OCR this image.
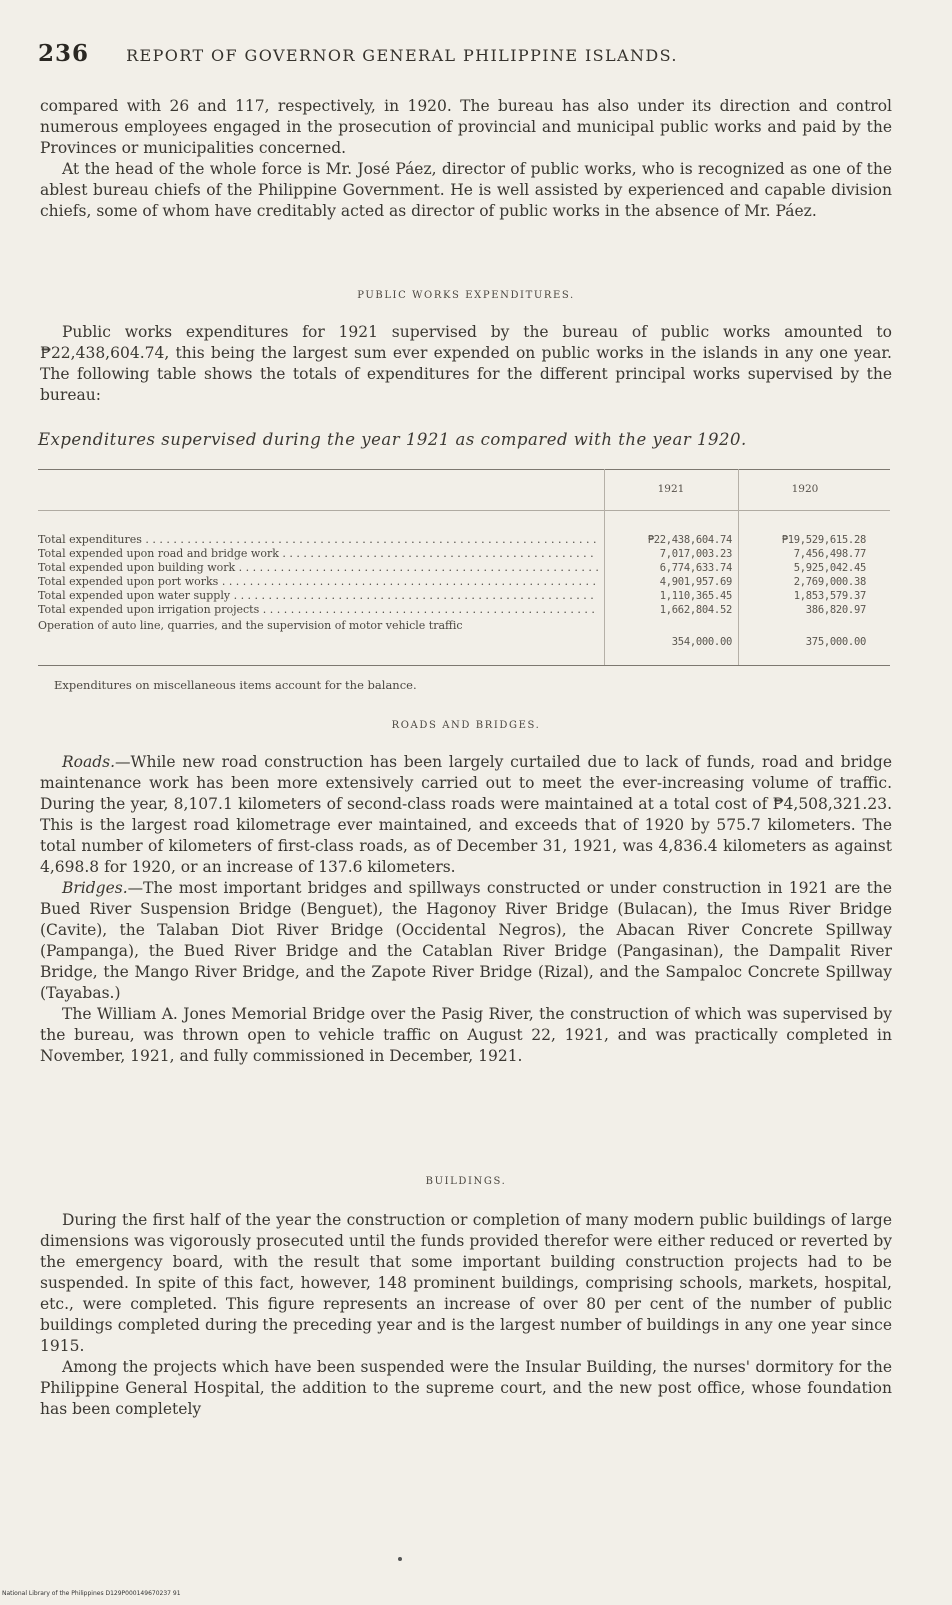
236 REPORT OF GOVERNOR GENERAL PHILIPPINE ISLANDS.

compared with 26 and 117, respectively, in 1920. The bureau has also under its direction and control numerous employees engaged in the prosecution of provincial and municipal public works and paid by the Provinces or municipalities concerned.

At the head of the whole force is Mr. José Páez, director of public works, who is recognized as one of the ablest bureau chiefs of the Philippine Government. He is well assisted by experienced and capable division chiefs, some of whom have creditably acted as director of public works in the absence of Mr. Páez.

PUBLIC WORKS EXPENDITURES.

Public works expenditures for 1921 supervised by the bureau of public works amounted to ₱22,438,604.74, this being the largest sum ever expended on public works in the islands in any one year. The following table shows the totals of expenditures for the different principal works supervised by the bureau:

Expenditures supervised during the year 1921 as compared with the year 1920.
1921	1920
Total expenditures . . .	₱22,438,604.74	₱19,529,615.28
Total expended upon road and bridge work . . .	7,017,003.23	7,456,498.77
Total expended upon building work . . .	6,774,633.74	5,925,042.45
Total expended upon port works . . .	4,901,957.69	2,769,000.38
Total expended upon water supply . . .	1,110,365.45	1,853,579.37
Total expended upon irrigation projects . . .	1,662,804.52	386,820.97
Operation of auto line, quarries, and the supervision of motor vehicle traffic
354,000.00	375,000.00
Expenditures on miscellaneous items account for the balance.
ROADS AND BRIDGES.

Roads.—While new road construction has been largely curtailed due to lack of funds, road and bridge maintenance work has been more extensively carried out to meet the ever-increasing volume of traffic. During the year, 8,107.1 kilometers of second-class roads were maintained at a total cost of ₱4,508,321.23. This is the largest road kilometrage ever maintained, and exceeds that of 1920 by 575.7 kilometers. The total number of kilometers of first-class roads, as of December 31, 1921, was 4,836.4 kilometers as against 4,698.8 for 1920, or an increase of 137.6 kilometers.

Bridges.—The most important bridges and spillways constructed or under construction in 1921 are the Bued River Suspension Bridge (Benguet), the Hagonoy River Bridge (Bulacan), the Imus River Bridge (Cavite), the Talaban Diot River Bridge (Occidental Negros), the Abacan River Concrete Spillway (Pampanga), the Bued River Bridge and the Catablan River Bridge (Pangasinan), the Dampalit River Bridge, the Mango River Bridge, and the Zapote River Bridge (Rizal), and the Sampaloc Concrete Spillway (Tayabas.)

The William A. Jones Memorial Bridge over the Pasig River, the construction of which was supervised by the bureau, was thrown open to vehicle traffic on August 22, 1921, and was practically completed in November, 1921, and fully commissioned in December, 1921.

BUILDINGS.

During the first half of the year the construction or completion of many modern public buildings of large dimensions was vigorously prosecuted until the funds provided therefor were either reduced or reverted by the emergency board, with the result that some important building construction projects had to be suspended. In spite of this fact, however, 148 prominent buildings, comprising schools, markets, hospital, etc., were completed. This figure represents an increase of over 80 per cent of the number of public buildings completed during the preceding year and is the largest number of buildings in any one year since 1915.

Among the projects which have been suspended were the Insular Building, the nurses' dormitory for the Philippine General Hospital, the addition to the supreme court, and the new post office, whose foundation has been completely

National Library of the Philippines D129P000149670237 91
